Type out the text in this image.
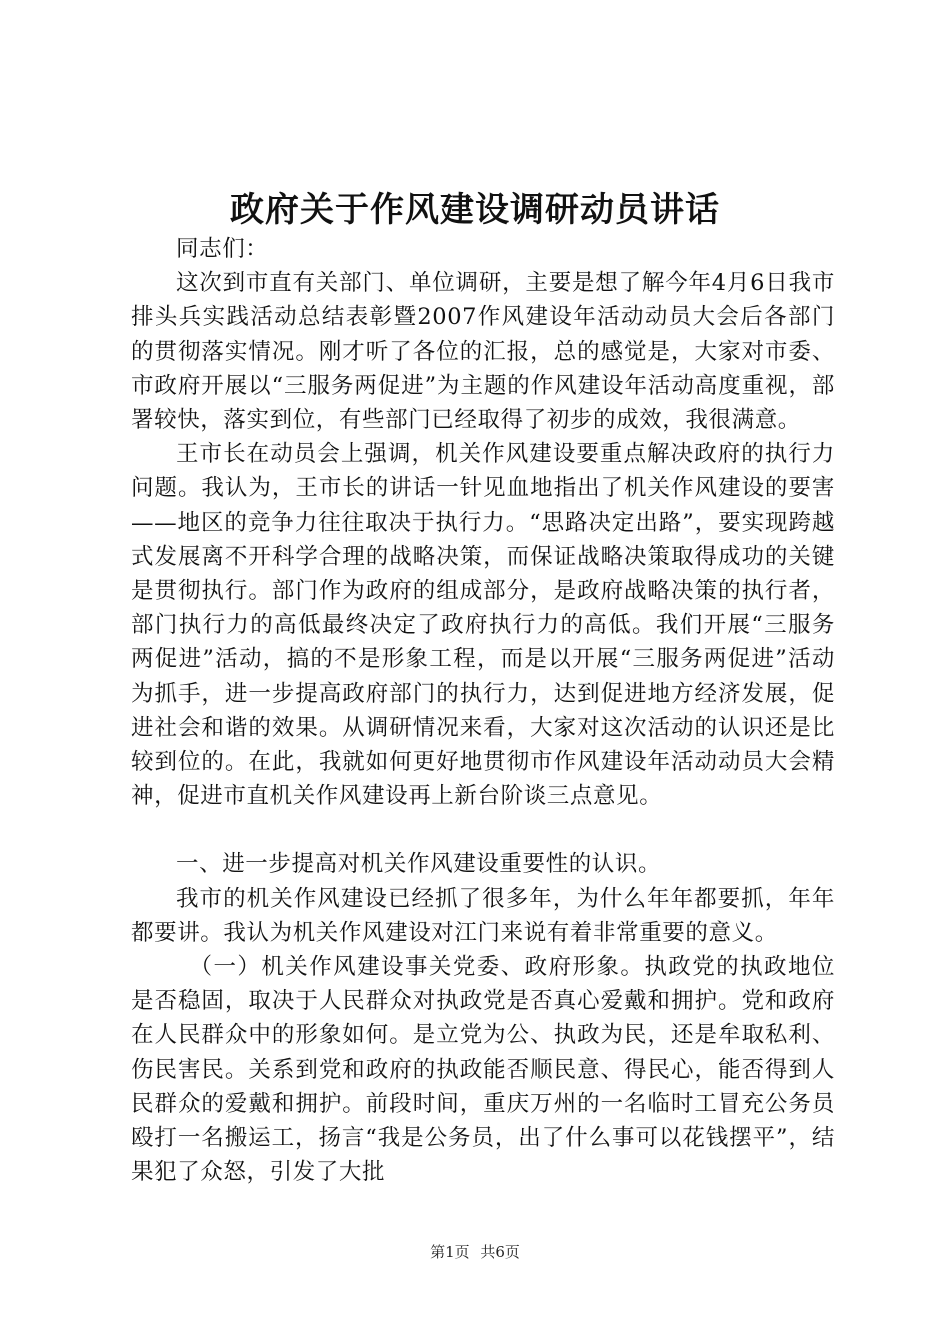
政府关于作风建设调研动员讲话

同志们：

这次到市直有关部门、单位调研，主要是想了解今年4月6日我市排头兵实践活动总结表彰暨2007作风建设年活动动员大会后各部门的贯彻落实情况。刚才听了各位的汇报，总的感觉是，大家对市委、市政府开展以“三服务两促进”为主题的作风建设年活动高度重视，部署较快，落实到位，有些部门已经取得了初步的成效，我很满意。

王市长在动员会上强调，机关作风建设要重点解决政府的执行力问题。我认为，王市长的讲话一针见血地指出了机关作风建设的要害——地区的竞争力往往取决于执行力。“思路决定出路”，要实现跨越式发展离不开科学合理的战略决策，而保证战略决策取得成功的关键是贯彻执行。部门作为政府的组成部分，是政府战略决策的执行者，部门执行力的高低最终决定了政府执行力的高低。我们开展“三服务两促进”活动，搞的不是形象工程，而是以开展“三服务两促进”活动为抓手，进一步提高政府部门的执行力，达到促进地方经济发展，促进社会和谐的效果。从调研情况来看，大家对这次活动的认识还是比较到位的。在此，我就如何更好地贯彻市作风建设年活动动员大会精神，促进市直机关作风建设再上新台阶谈三点意见。

一、进一步提高对机关作风建设重要性的认识。

我市的机关作风建设已经抓了很多年，为什么年年都要抓，年年都要讲。我认为机关作风建设对江门来说有着非常重要的意义。

（一）机关作风建设事关党委、政府形象。执政党的执政地位是否稳固，取决于人民群众对执政党是否真心爱戴和拥护。党和政府在人民群众中的形象如何。是立党为公、执政为民，还是牟取私利、伤民害民。关系到党和政府的执政能否顺民意、得民心，能否得到人民群众的爱戴和拥护。前段时间，重庆万州的一名临时工冒充公务员殴打一名搬运工，扬言“我是公务员，出了什么事可以花钱摆平”，结果犯了众怒，引发了大批

第1页 共6页
